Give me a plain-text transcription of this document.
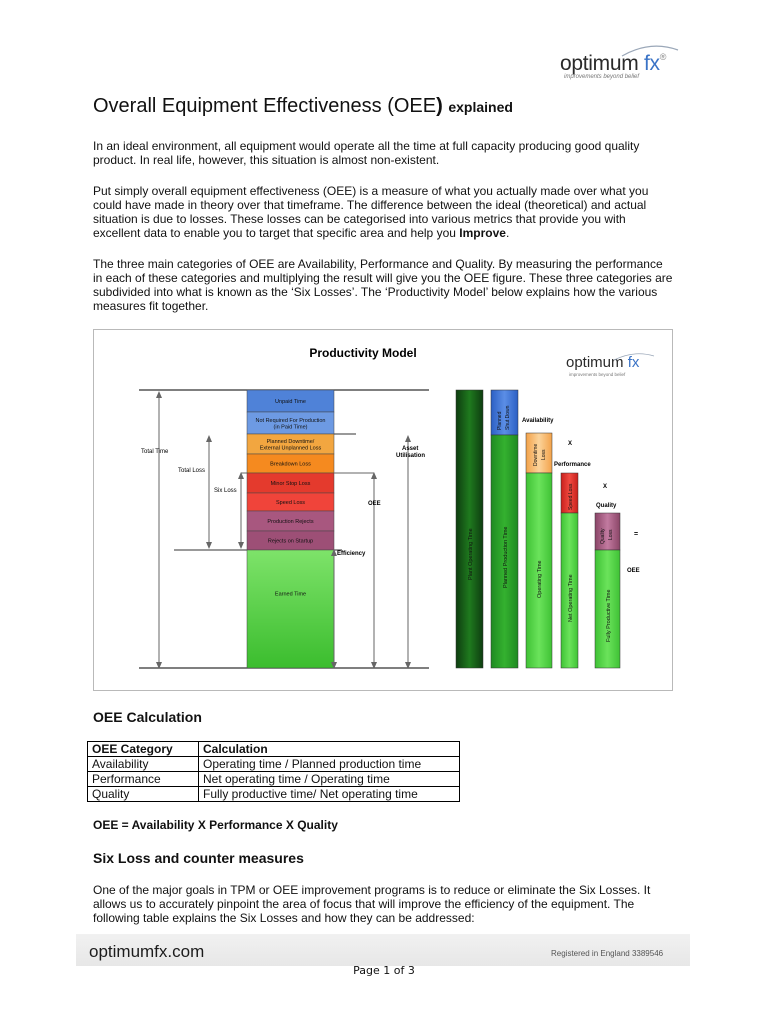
optimum fx®
improvements beyond belief
Overall Equipment Effectiveness (OEE) explained

In an ideal environment, all equipment would operate all the time at full capacity producing good quality product. In real life, however, this situation is almost non-existent.

Put simply overall equipment effectiveness (OEE) is a measure of what you actually made over what you could have made in theory over that timeframe. The difference between the ideal (theoretical) and actual situation is due to losses. These losses can be categorised into various metrics that provide you with excellent data to enable you to target that specific area and help you Improve.

The three main categories of OEE are Availability, Performance and Quality. By measuring the performance in each of these categories and multiplying the result will give you the OEE figure. These three categories are subdivided into what is known as the ‘Six Losses’. The ‘Productivity Model’ below explains how the various measures fit together.

Productivity Model
optimum fx
improvements beyond belief
Total Time
Total Loss
Six Loss
Unpaid Time
Not Required For Production (in Paid Time)
Planned Downtime/ External Unplanned Loss
Breakdown Loss
Minor Stop Loss
Speed Loss
Production Rejects
Rejects on Startup
Earned Time
Asset Utilisation
OEE
Efficiency	Plant Operating Time
Planned Shut Down
Planned Production Time
Downtime Loss
Operating Time
Speed Loss
Net Operating Time
Quality Loss
Fully Productive Time
Availability
X
Performance
X
Quality
=
OEE
OEE Calculation
OEE Category	Calculation
Availability	Operating time / Planned production time
Performance	Net operating time / Operating time
Quality	Fully productive time/ Net operating time
OEE = Availability X Performance X Quality
Six Loss and counter measures

One of the major goals in TPM or OEE improvement programs is to reduce or eliminate the Six Losses. It allows us to accurately pinpoint the area of focus that will improve the efficiency of the equipment. The following table explains the Six Losses and how they can be addressed:

optimumfx.com	Registered in England 3389546
Page 1 of 3
